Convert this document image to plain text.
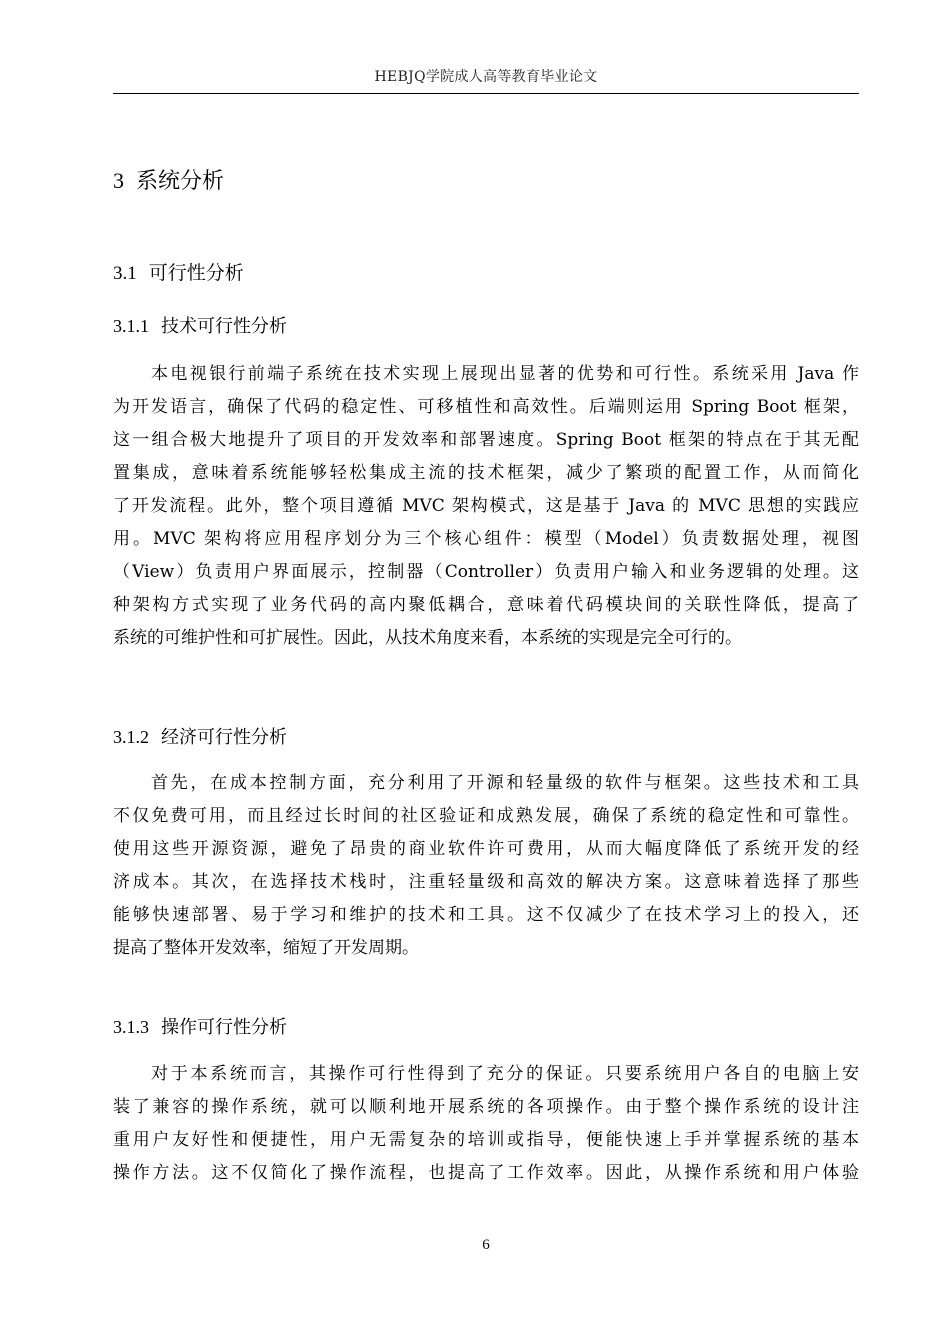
HEBJQ学院成人高等教育毕业论文
3 系统分析
3.1 可行性分析
3.1.1 技术可行性分析
本电视银行前端子系统在技术实现上展现出显著的优势和可行性。系统采用 Java 作
为开发语言，确保了代码的稳定性、可移植性和高效性。后端则运用 Spring Boot 框架，
这一组合极大地提升了项目的开发效率和部署速度。Spring Boot 框架的特点在于其无配
置集成，意味着系统能够轻松集成主流的技术框架，减少了繁琐的配置工作，从而简化
了开发流程。此外，整个项目遵循 MVC 架构模式，这是基于 Java 的 MVC 思想的实践应
用。MVC 架构将应用程序划分为三个核心组件：模型（Model）负责数据处理，视图
（View）负责用户界面展示，控制器（Controller）负责用户输入和业务逻辑的处理。这
种架构方式实现了业务代码的高内聚低耦合，意味着代码模块间的关联性降低，提高了
系统的可维护性和可扩展性。因此，从技术角度来看，本系统的实现是完全可行的。
3.1.2 经济可行性分析
首先，在成本控制方面，充分利用了开源和轻量级的软件与框架。这些技术和工具
不仅免费可用，而且经过长时间的社区验证和成熟发展，确保了系统的稳定性和可靠性。
使用这些开源资源，避免了昂贵的商业软件许可费用，从而大幅度降低了系统开发的经
济成本。其次，在选择技术栈时，注重轻量级和高效的解决方案。这意味着选择了那些
能够快速部署、易于学习和维护的技术和工具。这不仅减少了在技术学习上的投入，还
提高了整体开发效率，缩短了开发周期。
3.1.3 操作可行性分析
对于本系统而言，其操作可行性得到了充分的保证。只要系统用户各自的电脑上安
装了兼容的操作系统，就可以顺利地开展系统的各项操作。由于整个操作系统的设计注
重用户友好性和便捷性，用户无需复杂的培训或指导，便能快速上手并掌握系统的基本
操作方法。这不仅简化了操作流程，也提高了工作效率。因此，从操作系统和用户体验
6
